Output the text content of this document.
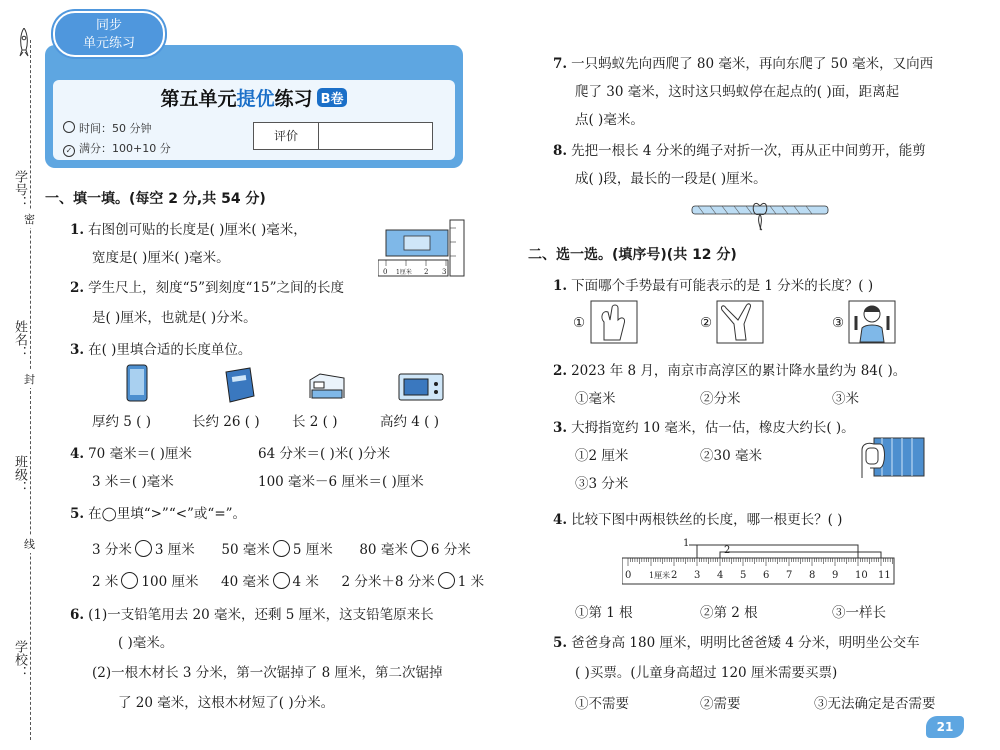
学号：
姓名：
班级：
学校：
密
封
线
同步
单元练习
5·3全优卷 小学数学 二年级下册 SJ
第五单元提优练习 B卷
时间：50 分钟
✓ 满分：100+10 分
评价
一、填一填。(每空 2 分,共 54 分)
1. 右图创可贴的长度是( )厘米( )毫米，
宽度是( )厘米( )毫米。
0 1厘米 2 3
2. 学生尺上，刻度“5”到刻度“15”之间的长度
是( )厘米，也就是( )分米。
3. 在( )里填合适的长度单位。
厚约 5 ( )	长约 26 ( ) 长 2 ( )	高约 4 ( )
4. 70 毫米＝( )厘米	64 分米＝( )米( )分米
3 米＝( )毫米	100 毫米－6 厘米＝( )厘米
5. 在◯里填“>”“<”或“=”。
3 分米 3 厘米 50 毫米 5 厘米 80 毫米 6 分米
2 米 100 厘米 40 毫米 4 米 2 分米＋8 分米 1 米
6. (1)一支铅笔用去 20 毫米，还剩 5 厘米，这支铅笔原来长
( )毫米。
(2)一根木材长 3 分米，第一次锯掉了 8 厘米，第二次锯掉
了 20 毫米，这根木材短了( )分米。
7. 一只蚂蚁先向西爬了 80 毫米，再向东爬了 50 毫米，又向西
爬了 30 毫米，这时这只蚂蚁停在起点的( )面，距离起
点( )毫米。
8. 先把一根长 4 分米的绳子对折一次，再从正中间剪开，能剪
成( )段，最长的一段是( )厘米。
二、选一选。(填序号)(共 12 分)
1. 下面哪个手势最有可能表示的是 1 分米的长度？( )
①	②	③
2. 2023 年 8 月，南京市高淳区的累计降水量约为 84( )。
①毫米	②分米	③米
3. 大拇指宽约 10 毫米，估一估，橡皮大约长( )。
①2 厘米	②30 毫米
③3 分米
4. 比较下图中两根铁丝的长度，哪一根更长？( )
1
2
0 1厘米 2 3 4 5 6 7 8 9 10 11
①第 1 根	②第 2 根	③一样长
5. 爸爸身高 180 厘米，明明比爸爸矮 4 分米，明明坐公交车
( )买票。(儿童身高超过 120 厘米需要买票)
①不需要	②需要	③无法确定是否需要
21
